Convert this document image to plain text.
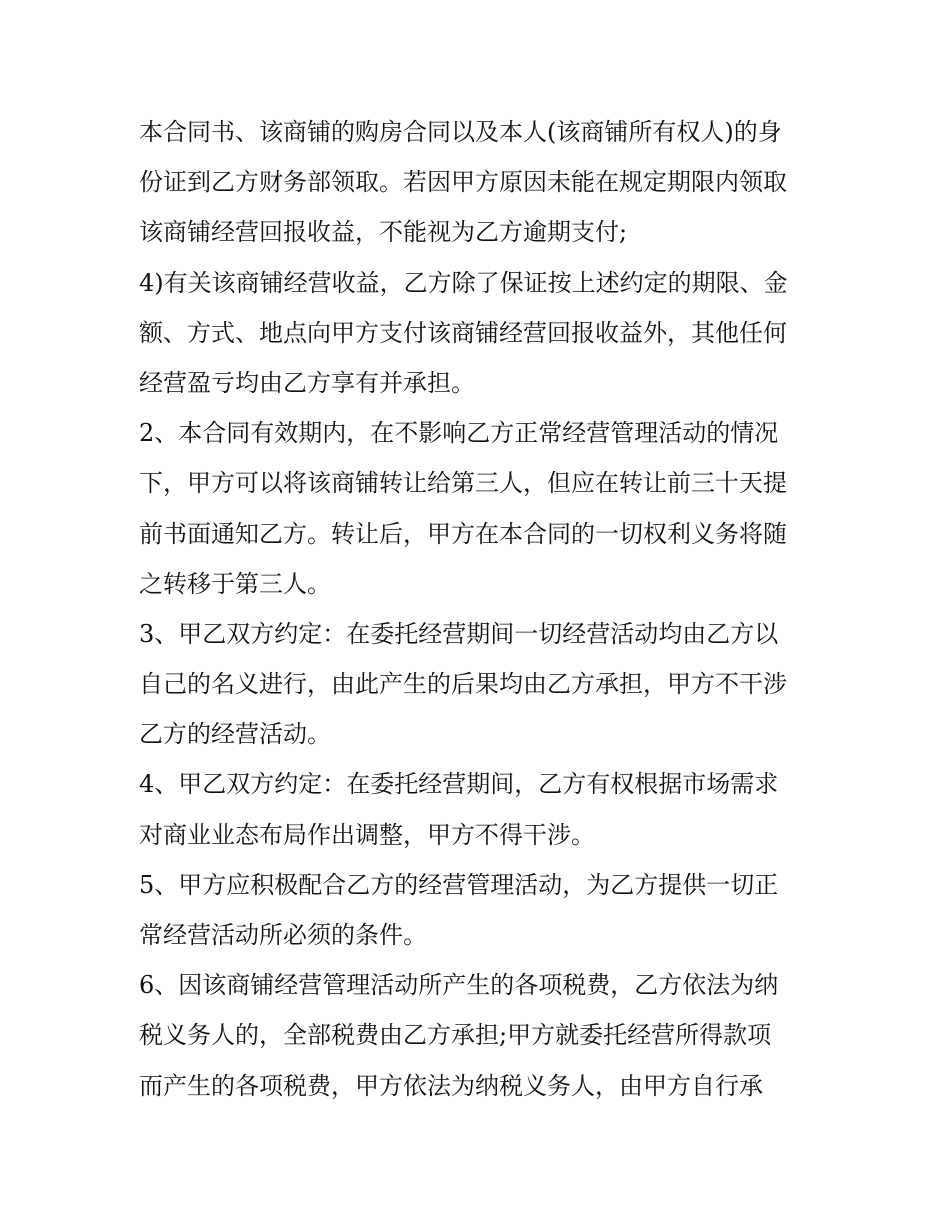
本合同书、该商铺的购房合同以及本人(该商铺所有权人)的身
份证到乙方财务部领取。若因甲方原因未能在规定期限内领取
该商铺经营回报收益，不能视为乙方逾期支付;
4)有关该商铺经营收益，乙方除了保证按上述约定的期限、金
额、方式、地点向甲方支付该商铺经营回报收益外，其他任何
经营盈亏均由乙方享有并承担。
2、本合同有效期内，在不影响乙方正常经营管理活动的情况
下，甲方可以将该商铺转让给第三人，但应在转让前三十天提
前书面通知乙方。转让后，甲方在本合同的一切权利义务将随
之转移于第三人。
3、甲乙双方约定：在委托经营期间一切经营活动均由乙方以
自己的名义进行，由此产生的后果均由乙方承担，甲方不干涉
乙方的经营活动。
4、甲乙双方约定：在委托经营期间，乙方有权根据市场需求
对商业业态布局作出调整，甲方不得干涉。
5、甲方应积极配合乙方的经营管理活动，为乙方提供一切正
常经营活动所必须的条件。
6、因该商铺经营管理活动所产生的各项税费，乙方依法为纳
税义务人的，全部税费由乙方承担;甲方就委托经营所得款项
而产生的各项税费，甲方依法为纳税义务人，由甲方自行承
